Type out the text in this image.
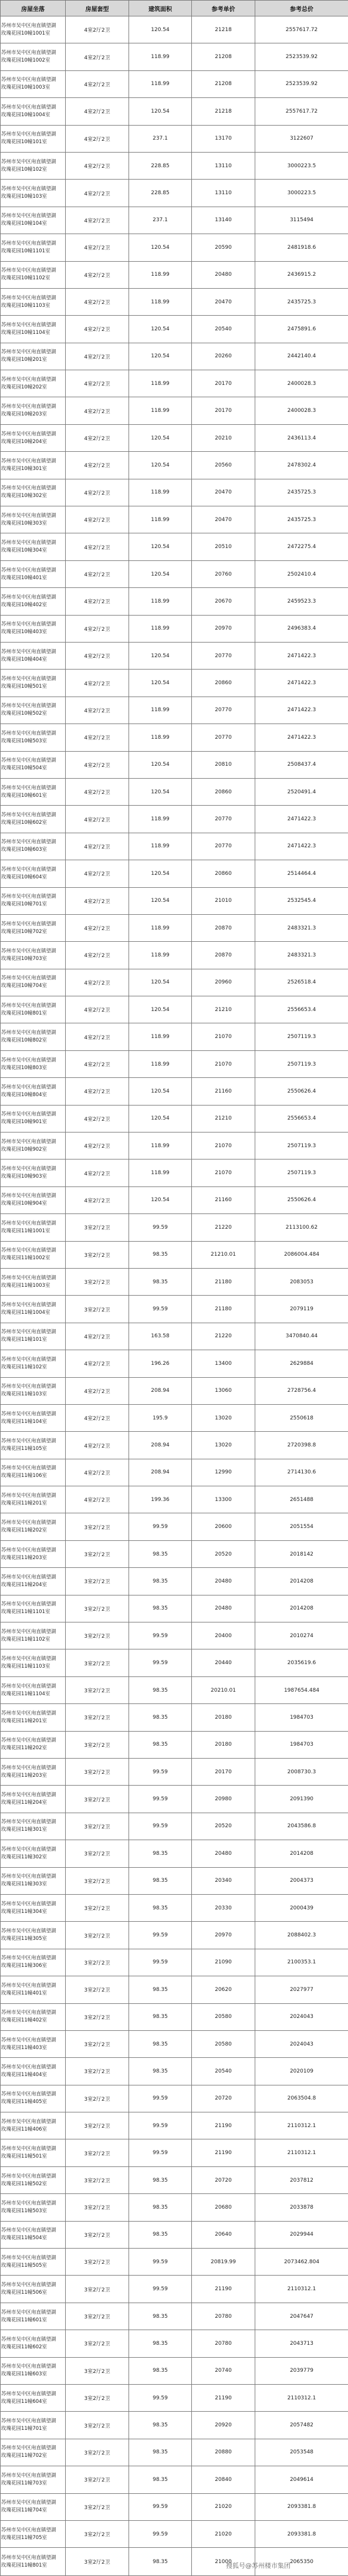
房屋坐落	房屋套型	建筑面积	参考单价	参考总价

苏州市吴中区甪直镇望湖
玫瑰花园10幢1001室	4室2厅2卫	120.54	21218	2557617.72

苏州市吴中区甪直镇望湖
玫瑰花园10幢1002室	4室2厅2卫	118.99	21208	2523539.92

苏州市吴中区甪直镇望湖
玫瑰花园10幢1003室	4室2厅2卫	118.99	21208	2523539.92

苏州市吴中区甪直镇望湖
玫瑰花园10幢1004室	4室2厅2卫	120.54	21218	2557617.72

苏州市吴中区甪直镇望湖
玫瑰花园10幢101室	4室2厅2卫	237.1	13170	3122607

苏州市吴中区甪直镇望湖
玫瑰花园10幢102室	4室2厅2卫	228.85	13110	3000223.5

苏州市吴中区甪直镇望湖
玫瑰花园10幢103室	4室2厅2卫	228.85	13110	3000223.5

苏州市吴中区甪直镇望湖
玫瑰花园10幢104室	4室2厅2卫	237.1	13140	3115494

苏州市吴中区甪直镇望湖
玫瑰花园10幢1101室	4室2厅2卫	120.54	20590	2481918.6

苏州市吴中区甪直镇望湖
玫瑰花园10幢1102室	4室2厅2卫	118.99	20480	2436915.2

苏州市吴中区甪直镇望湖
玫瑰花园10幢1103室	4室2厅2卫	118.99	20470	2435725.3

苏州市吴中区甪直镇望湖
玫瑰花园10幢1104室	4室2厅2卫	120.54	20540	2475891.6

苏州市吴中区甪直镇望湖
玫瑰花园10幢201室	4室2厅2卫	120.54	20260	2442140.4

苏州市吴中区甪直镇望湖
玫瑰花园10幢202室	4室2厅2卫	118.99	20170	2400028.3

苏州市吴中区甪直镇望湖
玫瑰花园10幢203室	4室2厅2卫	118.99	20170	2400028.3

苏州市吴中区甪直镇望湖
玫瑰花园10幢204室	4室2厅2卫	120.54	20210	2436113.4

苏州市吴中区甪直镇望湖
玫瑰花园10幢301室	4室2厅2卫	120.54	20560	2478302.4

苏州市吴中区甪直镇望湖
玫瑰花园10幢302室	4室2厅2卫	118.99	20470	2435725.3

苏州市吴中区甪直镇望湖
玫瑰花园10幢303室	4室2厅2卫	118.99	20470	2435725.3

苏州市吴中区甪直镇望湖
玫瑰花园10幢304室	4室2厅2卫	120.54	20510	2472275.4

苏州市吴中区甪直镇望湖
玫瑰花园10幢401室	4室2厅2卫	120.54	20760	2502410.4

苏州市吴中区甪直镇望湖
玫瑰花园10幢402室	4室2厅2卫	118.99	20670	2459523.3

苏州市吴中区甪直镇望湖
玫瑰花园10幢403室	4室2厅2卫	118.99	20970	2496383.4

苏州市吴中区甪直镇望湖
玫瑰花园10幢404室	4室2厅2卫	120.54	20770	2471422.3

苏州市吴中区甪直镇望湖
玫瑰花园10幢501室	4室2厅2卫	120.54	20860	2471422.3

苏州市吴中区甪直镇望湖
玫瑰花园10幢502室	4室2厅2卫	118.99	20770	2471422.3

苏州市吴中区甪直镇望湖
玫瑰花园10幢503室	4室2厅2卫	118.99	20770	2471422.3

苏州市吴中区甪直镇望湖
玫瑰花园10幢504室	4室2厅2卫	120.54	20810	2508437.4

苏州市吴中区甪直镇望湖
玫瑰花园10幢601室	4室2厅2卫	120.54	20860	2520491.4

苏州市吴中区甪直镇望湖
玫瑰花园10幢602室	4室2厅2卫	118.99	20770	2471422.3

苏州市吴中区甪直镇望湖
玫瑰花园10幢603室	4室2厅2卫	118.99	20770	2471422.3

苏州市吴中区甪直镇望湖
玫瑰花园10幢604室	4室2厅2卫	120.54	20860	2514464.4

苏州市吴中区甪直镇望湖
玫瑰花园10幢701室	4室2厅2卫	120.54	21010	2532545.4

苏州市吴中区甪直镇望湖
玫瑰花园10幢702室	4室2厅2卫	118.99	20870	2483321.3

苏州市吴中区甪直镇望湖
玫瑰花园10幢703室	4室2厅2卫	118.99	20870	2483321.3

苏州市吴中区甪直镇望湖
玫瑰花园10幢704室	4室2厅2卫	120.54	20960	2526518.4

苏州市吴中区甪直镇望湖
玫瑰花园10幢801室	4室2厅2卫	120.54	21210	2556653.4

苏州市吴中区甪直镇望湖
玫瑰花园10幢802室	4室2厅2卫	118.99	21070	2507119.3

苏州市吴中区甪直镇望湖
玫瑰花园10幢803室	4室2厅2卫	118.99	21070	2507119.3

苏州市吴中区甪直镇望湖
玫瑰花园10幢804室	4室2厅2卫	120.54	21160	2550626.4

苏州市吴中区甪直镇望湖
玫瑰花园10幢901室	4室2厅2卫	120.54	21210	2556653.4

苏州市吴中区甪直镇望湖
玫瑰花园10幢902室	4室2厅2卫	118.99	21070	2507119.3

苏州市吴中区甪直镇望湖
玫瑰花园10幢903室	4室2厅2卫	118.99	21070	2507119.3

苏州市吴中区甪直镇望湖
玫瑰花园10幢904室	4室2厅2卫	120.54	21160	2550626.4

苏州市吴中区甪直镇望湖
玫瑰花园11幢1001室	3室2厅2卫	99.59	21220	2113100.62

苏州市吴中区甪直镇望湖
玫瑰花园11幢1002室	3室2厅2卫	98.35	21210.01	2086004.484

苏州市吴中区甪直镇望湖
玫瑰花园11幢1003室	3室2厅2卫	98.35	21180	2083053

苏州市吴中区甪直镇望湖
玫瑰花园11幢1004室	3室2厅2卫	99.59	21180	2079119

苏州市吴中区甪直镇望湖
玫瑰花园11幢101室	4室2厅2卫	163.58	21220	3470840.44

苏州市吴中区甪直镇望湖
玫瑰花园11幢102室	4室2厅2卫	196.26	13400	2629884

苏州市吴中区甪直镇望湖
玫瑰花园11幢103室	4室2厅2卫	208.94	13060	2728756.4

苏州市吴中区甪直镇望湖
玫瑰花园11幢104室	4室2厅2卫	195.9	13020	2550618

苏州市吴中区甪直镇望湖
玫瑰花园11幢105室	4室2厅2卫	208.94	13020	2720398.8

苏州市吴中区甪直镇望湖
玫瑰花园11幢106室	4室2厅2卫	208.94	12990	2714130.6

苏州市吴中区甪直镇望湖
玫瑰花园11幢201室	4室2厅2卫	199.36	13300	2651488

苏州市吴中区甪直镇望湖
玫瑰花园11幢202室	3室2厅2卫	99.59	20600	2051554

苏州市吴中区甪直镇望湖
玫瑰花园11幢203室	3室2厅2卫	98.35	20520	2018142

苏州市吴中区甪直镇望湖
玫瑰花园11幢204室	3室2厅2卫	98.35	20480	2014208

苏州市吴中区甪直镇望湖
玫瑰花园11幢1101室	3室2厅2卫	98.35	20480	2014208

苏州市吴中区甪直镇望湖
玫瑰花园11幢1102室	3室2厅2卫	99.59	20400	2010274

苏州市吴中区甪直镇望湖
玫瑰花园11幢1103室	3室2厅2卫	99.59	20440	2035619.6

苏州市吴中区甪直镇望湖
玫瑰花园11幢1104室	3室2厅2卫	98.35	20210.01	1987654.484

苏州市吴中区甪直镇望湖
玫瑰花园11幢201室	3室2厅2卫	98.35	20180	1984703

苏州市吴中区甪直镇望湖
玫瑰花园11幢202室	3室2厅2卫	98.35	20180	1984703

苏州市吴中区甪直镇望湖
玫瑰花园11幢203室	3室2厅2卫	99.59	20170	2008730.3

苏州市吴中区甪直镇望湖
玫瑰花园11幢204室	3室2厅2卫	99.59	20980	2091390

苏州市吴中区甪直镇望湖
玫瑰花园11幢301室	3室2厅2卫	99.59	20520	2043586.8

苏州市吴中区甪直镇望湖
玫瑰花园11幢302室	3室2厅2卫	98.35	20480	2014208

苏州市吴中区甪直镇望湖
玫瑰花园11幢303室	3室2厅2卫	98.35	20340	2004373

苏州市吴中区甪直镇望湖
玫瑰花园11幢304室	3室2厅2卫	98.35	20330	2000439

苏州市吴中区甪直镇望湖
玫瑰花园11幢305室	3室2厅2卫	99.59	20970	2088402.3

苏州市吴中区甪直镇望湖
玫瑰花园11幢306室	3室2厅2卫	99.59	21090	2100353.1

苏州市吴中区甪直镇望湖
玫瑰花园11幢401室	3室2厅2卫	98.35	20620	2027977

苏州市吴中区甪直镇望湖
玫瑰花园11幢402室	3室2厅2卫	98.35	20580	2024043

苏州市吴中区甪直镇望湖
玫瑰花园11幢403室	3室2厅2卫	98.35	20580	2024043

苏州市吴中区甪直镇望湖
玫瑰花园11幢404室	3室2厅2卫	98.35	20540	2020109

苏州市吴中区甪直镇望湖
玫瑰花园11幢405室	3室2厅2卫	99.59	20720	2063504.8

苏州市吴中区甪直镇望湖
玫瑰花园11幢406室	3室2厅2卫	99.59	21190	2110312.1

苏州市吴中区甪直镇望湖
玫瑰花园11幢501室	3室2厅2卫	99.59	21190	2110312.1

苏州市吴中区甪直镇望湖
玫瑰花园11幢502室	3室2厅2卫	98.35	20720	2037812

苏州市吴中区甪直镇望湖
玫瑰花园11幢503室	3室2厅2卫	98.35	20680	2033878

苏州市吴中区甪直镇望湖
玫瑰花园11幢504室	3室2厅2卫	98.35	20640	2029944

苏州市吴中区甪直镇望湖
玫瑰花园11幢505室	3室2厅2卫	99.59	20819.99	2073462.804

苏州市吴中区甪直镇望湖
玫瑰花园11幢506室	3室2厅2卫	99.59	21190	2110312.1

苏州市吴中区甪直镇望湖
玫瑰花园11幢601室	3室2厅2卫	98.35	20780	2047647

苏州市吴中区甪直镇望湖
玫瑰花园11幢602室	3室2厅2卫	98.35	20780	2043713

苏州市吴中区甪直镇望湖
玫瑰花园11幢603室	3室2厅2卫	98.35	20740	2039779

苏州市吴中区甪直镇望湖
玫瑰花园11幢604室	3室2厅2卫	99.59	21190	2110312.1

苏州市吴中区甪直镇望湖
玫瑰花园11幢701室	3室2厅2卫	98.35	20920	2057482

苏州市吴中区甪直镇望湖
玫瑰花园11幢702室	3室2厅2卫	98.35	20880	2053548

苏州市吴中区甪直镇望湖
玫瑰花园11幢703室	3室2厅2卫	98.35	20840	2049614

苏州市吴中区甪直镇望湖
玫瑰花园11幢704室	3室2厅2卫	99.59	21020	2093381.8

苏州市吴中区甪直镇望湖
玫瑰花园11幢705室	3室2厅2卫	99.59	21020	2093381.8

苏州市吴中区甪直镇望湖
玫瑰花园11幢801室	3室2厅2卫	98.35	21000	2065350
搜狐号@苏州楼市集团
